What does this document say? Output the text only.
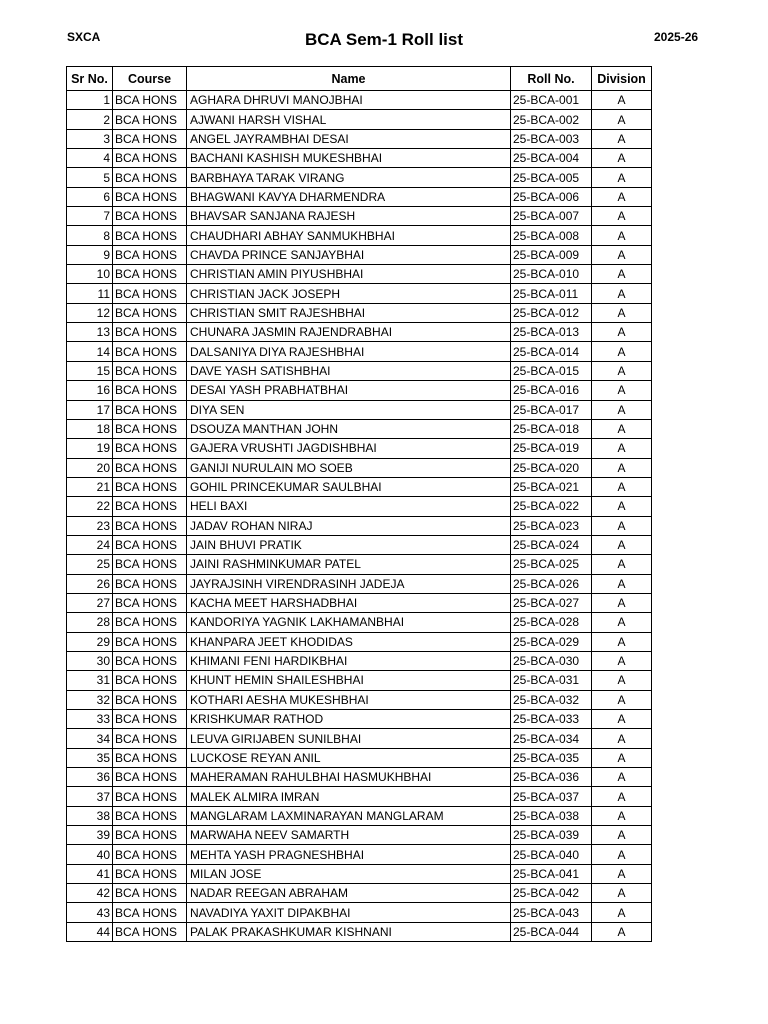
SXCA	BCA Sem-1 Roll list	2025-26
Sr No.	Course	Name	Roll No.	Division
1	BCA HONS	AGHARA DHRUVI MANOJBHAI	25-BCA-001	A
2	BCA HONS	AJWANI HARSH VISHAL	25-BCA-002	A
3	BCA HONS	ANGEL JAYRAMBHAI DESAI	25-BCA-003	A
4	BCA HONS	BACHANI KASHISH MUKESHBHAI	25-BCA-004	A
5	BCA HONS	BARBHAYA TARAK VIRANG	25-BCA-005	A
6	BCA HONS	BHAGWANI KAVYA DHARMENDRA	25-BCA-006	A
7	BCA HONS	BHAVSAR SANJANA RAJESH	25-BCA-007	A
8	BCA HONS	CHAUDHARI ABHAY SANMUKHBHAI	25-BCA-008	A
9	BCA HONS	CHAVDA PRINCE SANJAYBHAI	25-BCA-009	A
10	BCA HONS	CHRISTIAN AMIN PIYUSHBHAI	25-BCA-010	A
11	BCA HONS	CHRISTIAN JACK JOSEPH	25-BCA-011	A
12	BCA HONS	CHRISTIAN SMIT RAJESHBHAI	25-BCA-012	A
13	BCA HONS	CHUNARA JASMIN RAJENDRABHAI	25-BCA-013	A
14	BCA HONS	DALSANIYA DIYA RAJESHBHAI	25-BCA-014	A
15	BCA HONS	DAVE YASH SATISHBHAI	25-BCA-015	A
16	BCA HONS	DESAI YASH PRABHATBHAI	25-BCA-016	A
17	BCA HONS	DIYA SEN	25-BCA-017	A
18	BCA HONS	DSOUZA MANTHAN JOHN	25-BCA-018	A
19	BCA HONS	GAJERA VRUSHTI JAGDISHBHAI	25-BCA-019	A
20	BCA HONS	GANIJI NURULAIN MO SOEB	25-BCA-020	A
21	BCA HONS	GOHIL PRINCEKUMAR SAULBHAI	25-BCA-021	A
22	BCA HONS	HELI BAXI	25-BCA-022	A
23	BCA HONS	JADAV ROHAN NIRAJ	25-BCA-023	A
24	BCA HONS	JAIN BHUVI PRATIK	25-BCA-024	A
25	BCA HONS	JAINI RASHMINKUMAR PATEL	25-BCA-025	A
26	BCA HONS	JAYRAJSINH VIRENDRASINH JADEJA	25-BCA-026	A
27	BCA HONS	KACHA MEET HARSHADBHAI	25-BCA-027	A
28	BCA HONS	KANDORIYA YAGNIK LAKHAMANBHAI	25-BCA-028	A
29	BCA HONS	KHANPARA JEET KHODIDAS	25-BCA-029	A
30	BCA HONS	KHIMANI FENI HARDIKBHAI	25-BCA-030	A
31	BCA HONS	KHUNT HEMIN SHAILESHBHAI	25-BCA-031	A
32	BCA HONS	KOTHARI AESHA MUKESHBHAI	25-BCA-032	A
33	BCA HONS	KRISHKUMAR RATHOD	25-BCA-033	A
34	BCA HONS	LEUVA GIRIJABEN SUNILBHAI	25-BCA-034	A
35	BCA HONS	LUCKOSE REYAN ANIL	25-BCA-035	A
36	BCA HONS	MAHERAMAN RAHULBHAI HASMUKHBHAI	25-BCA-036	A
37	BCA HONS	MALEK ALMIRA IMRAN	25-BCA-037	A
38	BCA HONS	MANGLARAM LAXMINARAYAN MANGLARAM	25-BCA-038	A
39	BCA HONS	MARWAHA NEEV SAMARTH	25-BCA-039	A
40	BCA HONS	MEHTA YASH PRAGNESHBHAI	25-BCA-040	A
41	BCA HONS	MILAN JOSE	25-BCA-041	A
42	BCA HONS	NADAR REEGAN ABRAHAM	25-BCA-042	A
43	BCA HONS	NAVADIYA YAXIT DIPAKBHAI	25-BCA-043	A
44	BCA HONS	PALAK PRAKASHKUMAR KISHNANI	25-BCA-044	A
